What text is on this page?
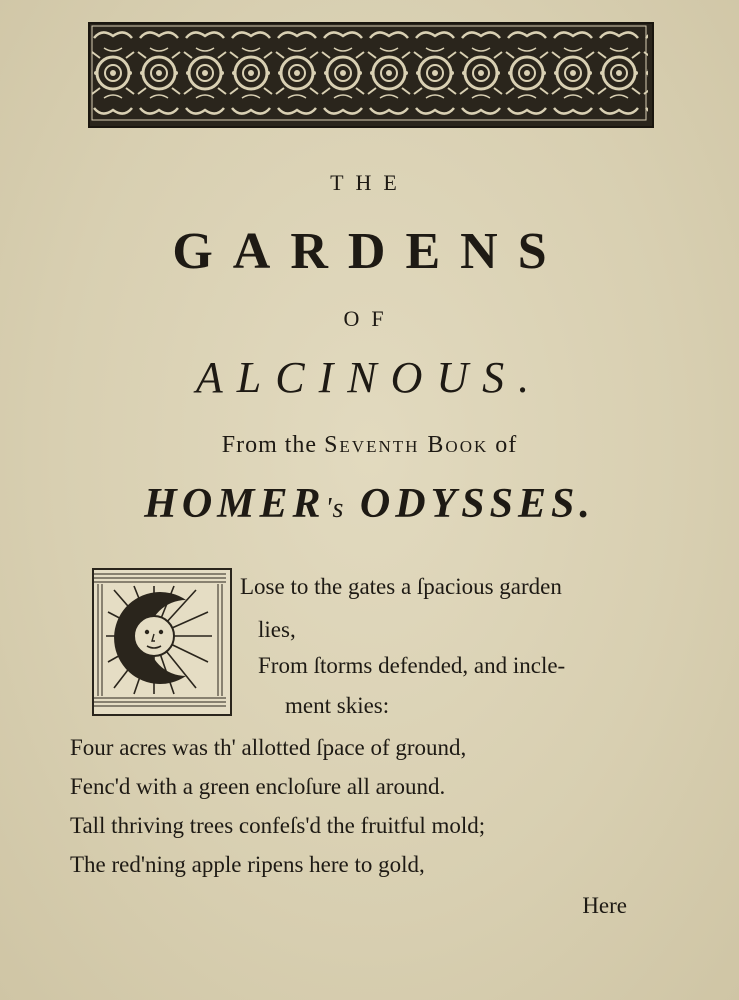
THE
GARDENS
OF
ALCINOUS.
From the Seventh Book of
HOMER's ODYSSES.
Lose to the gates a ſpacious garden
lies,
From ſtorms defended, and incle-
ment skies:
Four acres was th' allotted ſpace of ground,
Fenc'd with a green encloſure all around.
Tall thriving trees confeſs'd the fruitful mold;
The red'ning apple ripens here to gold,
Here
